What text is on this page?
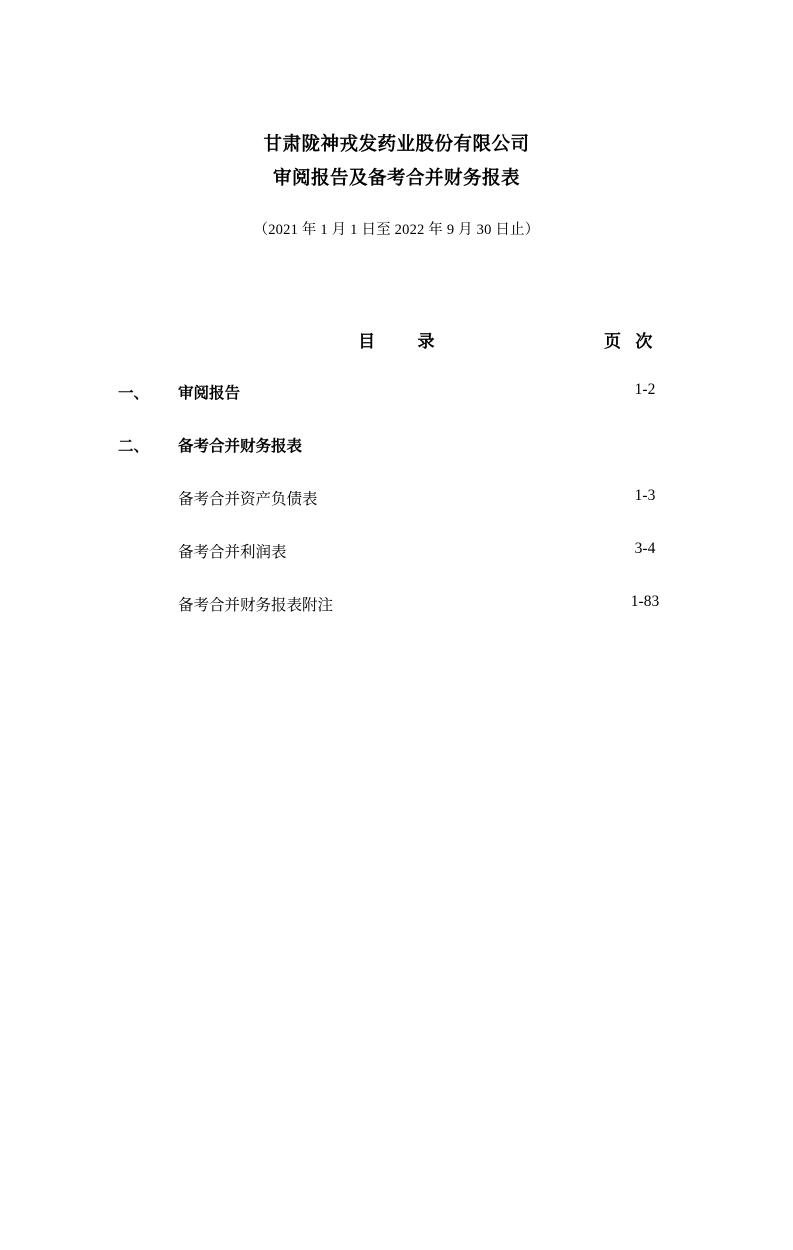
甘肃陇神戎发药业股份有限公司
审阅报告及备考合并财务报表
（2021 年 1 月 1 日至 2022 年 9 月 30 日止）
目 录	页 次
一、 审阅报告	1-2
二、 备考合并财务报表
备考合并资产负债表	1-3
备考合并利润表	3-4
备考合并财务报表附注	1-83
